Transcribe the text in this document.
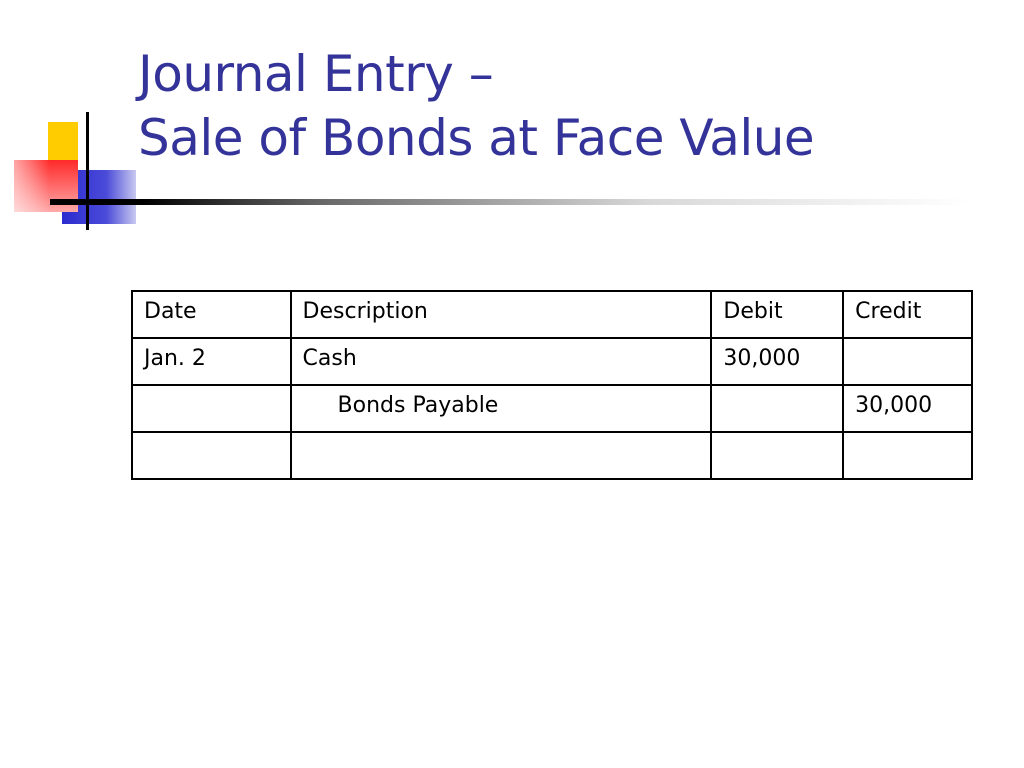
Journal Entry –
Sale of Bonds at Face Value
Date	Description	Debit	Credit
Jan. 2	Cash	30,000	
	Bonds Payable		30,000
